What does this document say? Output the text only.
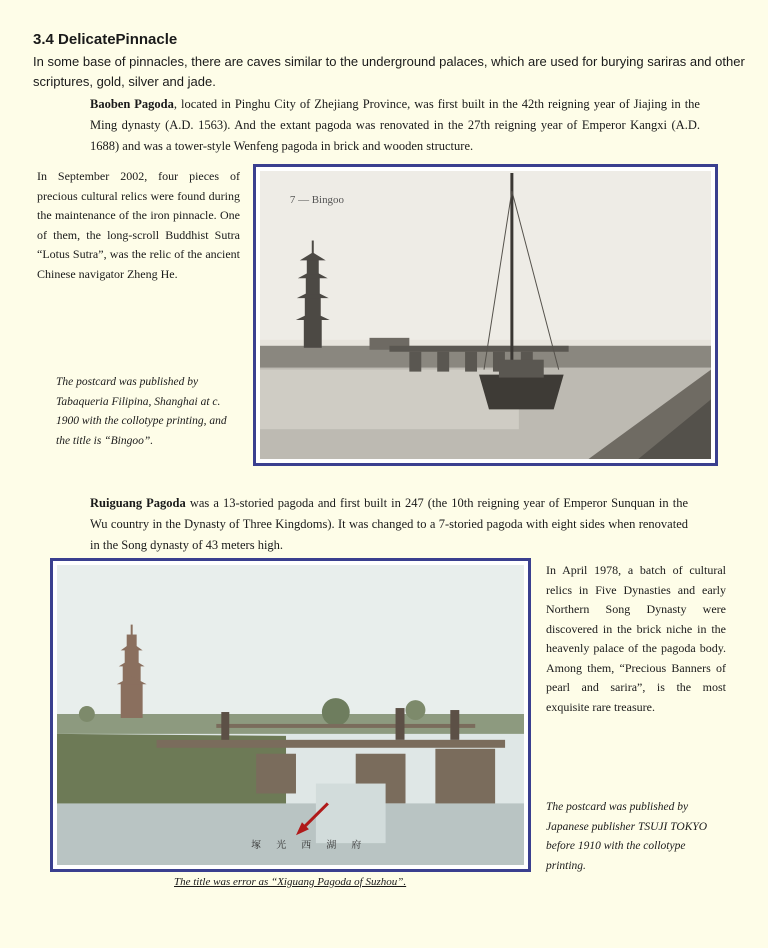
3.4 DelicatePinnacle

In some base of pinnacles, there are caves similar to the underground palaces, which are used for burying sariras and other scriptures, gold, silver and jade.

Baoben Pagoda, located in Pinghu City of Zhejiang Province, was first built in the 42th reigning year of Jiajing in the Ming dynasty (A.D. 1563). And the extant pagoda was renovated in the 27th reigning year of Emperor Kangxi (A.D. 1688) and was a tower-style Wenfeng pagoda in brick and wooden structure.

In September 2002, four pieces of precious cultural relics were found during the maintenance of the iron pinnacle. One of them, the long-scroll Buddhist Sutra “Lotus Sutra”, was the relic of the ancient Chinese navigator Zheng He.

The postcard was published by Tabaqueria Filipina, Shanghai at c. 1900 with the collotype printing, and the title is “Bingoo”.

7 — Bingoo

Ruiguang Pagoda was a 13-storied pagoda and first built in 247 (the 10th reigning year of Emperor Sunquan in the Wu country in the Dynasty of Three Kingdoms). It was changed to a 7-storied pagoda with eight sides when renovated in the Song dynasty of 43 meters high.

塚 光 西 湖 府

In April 1978, a batch of cultural relics in Five Dynasties and early Northern Song Dynasty were discovered in the brick niche in the heavenly palace of the pagoda body. Among them, “Precious Banners of pearl and sarira”, is the most exquisite rare treasure.

The postcard was published by Japanese publisher TSUJI TOKYO before 1910 with the collotype printing.

The title was error as “Xiguang Pagoda of Suzhou”.
